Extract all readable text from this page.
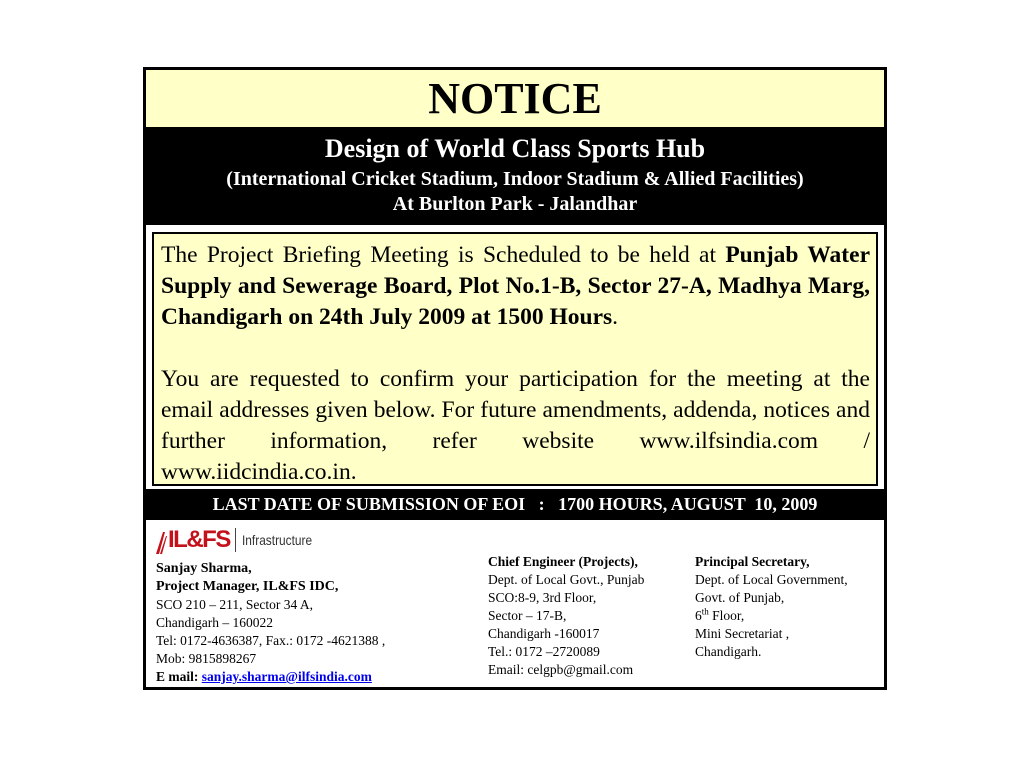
NOTICE
Design of World Class Sports Hub
(International Cricket Stadium, Indoor Stadium & Allied Facilities)
At Burlton Park - Jalandhar

The Project Briefing Meeting is Scheduled to be held at Punjab Water Supply and Sewerage Board, Plot No.1-B, Sector 27-A, Madhya Marg, Chandigarh on 24th July 2009 at 1500 Hours.

You are requested to confirm your participation for the meeting at the email addresses given below. For future amendments, addenda, notices and further information, refer website www.ilfsindia.com / www.iidcindia.co.in.

LAST DATE OF SUBMISSION OF EOI   :   1700 HOURS, AUGUST  10, 2009
IL&FS Infrastructure
Sanjay Sharma,
Project Manager, IL&FS IDC,
SCO 210 – 211, Sector 34 A,
Chandigarh – 160022
Tel: 0172-4636387, Fax.: 0172 -4621388 ,
Mob: 9815898267
E mail: sanjay.sharma@ilfsindia.com
Chief Engineer (Projects),
Dept. of Local Govt., Punjab
SCO:8-9, 3rd Floor,
Sector – 17-B,
Chandigarh -160017
Tel.: 0172 –2720089
Email: celgpb@gmail.com
Principal Secretary,
Dept. of Local Government,
Govt. of Punjab,
6th Floor,
Mini Secretariat ,
Chandigarh.
